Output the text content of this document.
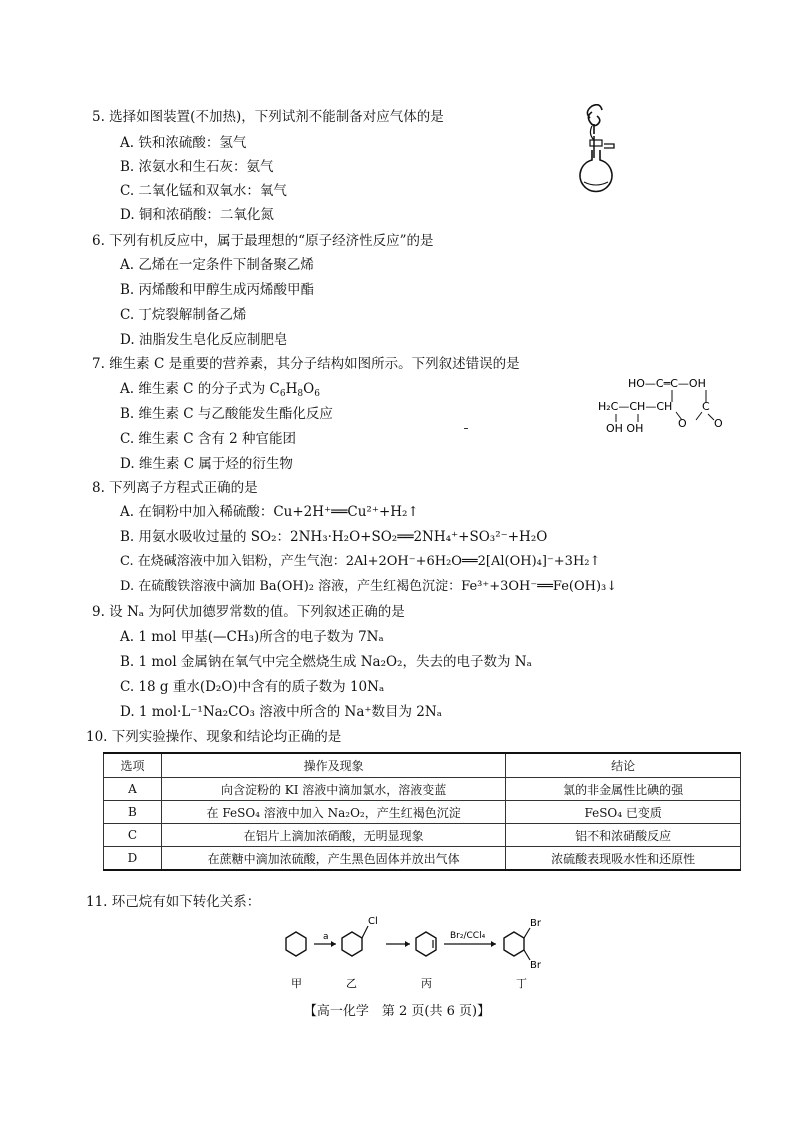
5. 选择如图装置(不加热)，下列试剂不能制备对应气体的是
A. 铁和浓硫酸：氢气
B. 浓氨水和生石灰：氨气
C. 二氧化锰和双氧水：氧气
D. 铜和浓硝酸：二氧化氮
6. 下列有机反应中，属于最理想的“原子经济性反应”的是
A. 乙烯在一定条件下制备聚乙烯
B. 丙烯酸和甲醇生成丙烯酸甲酯
C. 丁烷裂解制备乙烯
D. 油脂发生皂化反应制肥皂
7. 维生素 C 是重要的营养素，其分子结构如图所示。下列叙述错误的是
A. 维生素 C 的分子式为 $C_6H_8O_6$
B. 维生素 C 与乙酸能发生酯化反应
C. 维生素 C 含有 2 种官能团
D. 维生素 C 属于烃的衍生物
HO—C═C—OH
H₂C—CH—CH	C
OH OH	O O
8. 下列离子方程式正确的是
A. 在铜粉中加入稀硫酸：Cu+2H⁺══Cu²⁺+H₂↑
B. 用氨水吸收过量的 SO₂：2NH₃·H₂O+SO₂══2NH₄⁺+SO₃²⁻+H₂O
C. 在烧碱溶液中加入铝粉，产生气泡：2Al+2OH⁻+6H₂O══2[Al(OH)₄]⁻+3H₂↑
D. 在硫酸铁溶液中滴加 Ba(OH)₂ 溶液，产生红褐色沉淀：Fe³⁺+3OH⁻══Fe(OH)₃↓
9. 设 Nₐ 为阿伏加德罗常数的值。下列叙述正确的是
A. 1 mol 甲基(—CH₃)所含的电子数为 7Nₐ
B. 1 mol 金属钠在氧气中完全燃烧生成 Na₂O₂，失去的电子数为 Nₐ
C. 18 g 重水(D₂O)中含有的质子数为 10Nₐ
D. 1 mol·L⁻¹Na₂CO₃ 溶液中所含的 Na⁺数目为 2Nₐ
10. 下列实验操作、现象和结论均正确的是
选项	操作及现象	结论
A	向含淀粉的 KI 溶液中滴加氯水，溶液变蓝	氯的非金属性比碘的强
B	在 FeSO₄ 溶液中加入 Na₂O₂，产生红褐色沉淀	FeSO₄ 已变质
C	在铝片上滴加浓硝酸，无明显现象	铝不和浓硝酸反应
D	在蔗糖中滴加浓硫酸，产生黑色固体并放出气体	浓硫酸表现吸水性和还原性
11. 环己烷有如下转化关系：
a
Cl
Br₂/CCl₄
Br
Br
甲	乙	丙	丁
【高一化学　第 2 页(共 6 页)】
